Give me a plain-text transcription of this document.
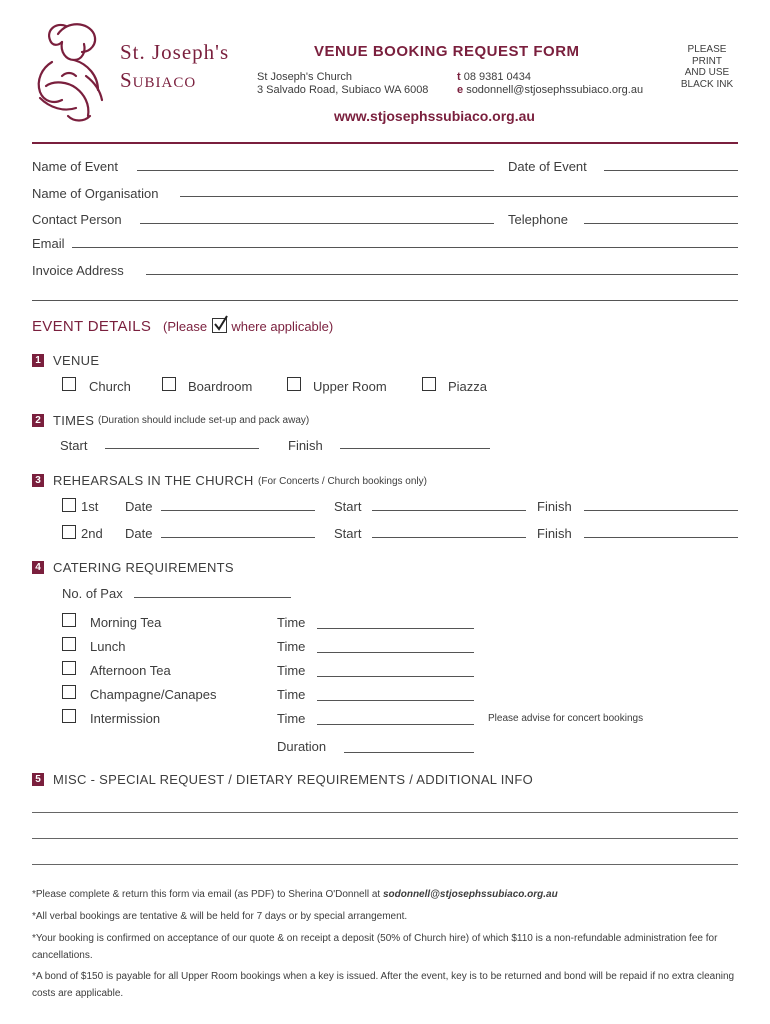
St. Joseph's
Subiaco
VENUE BOOKING REQUEST FORM
St Joseph's Church
3 Salvado Road, Subiaco WA 6008
t 08 9381 0434
e sodonnell@stjosephssubiaco.org.au
PLEASE
PRINT
AND USE
BLACK INK
www.stjosephssubiaco.org.au
Name of Event	Date of Event
Name of Organisation
Contact Person	Telephone
Email
Invoice Address
EVENT DETAILS (Please where applicable)
1 VENUE
Church	Boardroom	Upper Room	Piazza
2 TIMES (Duration should include set-up and pack away)
Start	Finish
3 REHEARSALS IN THE CHURCH (For Concerts / Church bookings only)
1st Date	Start	Finish
2nd Date	Start	Finish
4 CATERING REQUIREMENTS
No. of Pax
Morning Tea	Time
Lunch	Time
Afternoon Tea	Time
Champagne/Canapes	Time
Intermission	Time	Please advise for concert bookings
Duration
5 MISC - SPECIAL REQUEST / DIETARY REQUIREMENTS / ADDITIONAL INFO
*Please complete & return this form via email (as PDF) to Sherina O'Donnell at sodonnell@stjosephssubiaco.org.au
*All verbal bookings are tentative & will be held for 7 days or by special arrangement.
*Your booking is confirmed on acceptance of our quote & on receipt a deposit (50% of Church hire) of which $110 is a non-refundable administration fee for cancellations.
*A bond of $150 is payable for all Upper Room bookings when a key is issued. After the event, key is to be returned and bond will be repaid if no extra cleaning costs are applicable.
